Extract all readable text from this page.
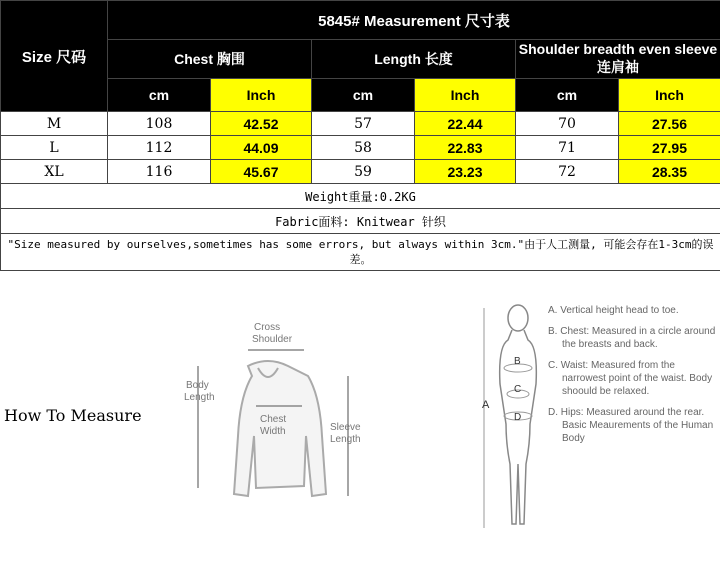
Size 尺码	5845# Measurement 尺寸表					
	Chest 胸围		Length 长度		Shoulder breadth even sleeve 连肩袖	
	cm	Inch	cm	Inch	cm	Inch
M	108	42.52	57	22.44	70	27.56
L	112	44.09	58	22.83	71	27.95
XL	116	45.67	59	23.23	72	28.35
Weight重量:0.2KG						
Fabric面料: Knitwear 针织						
"Size measured by ourselves,sometimes has some errors, but always within 3cm."由于人工测量, 可能会存在1-3cm的误差。						
How To Measure
Cross
Shoulder
Body
Length
Chest
Width	Sleeve
Length
A
B
C
D

A. Vertical height head to toe.

B. Chest: Measured in a circle around the breasts and back.

C. Waist: Measured from the narrowest point of the waist. Body shoould be relaxed.

D. Hips: Measured around the rear. Basic Meaurements of the Human Body
